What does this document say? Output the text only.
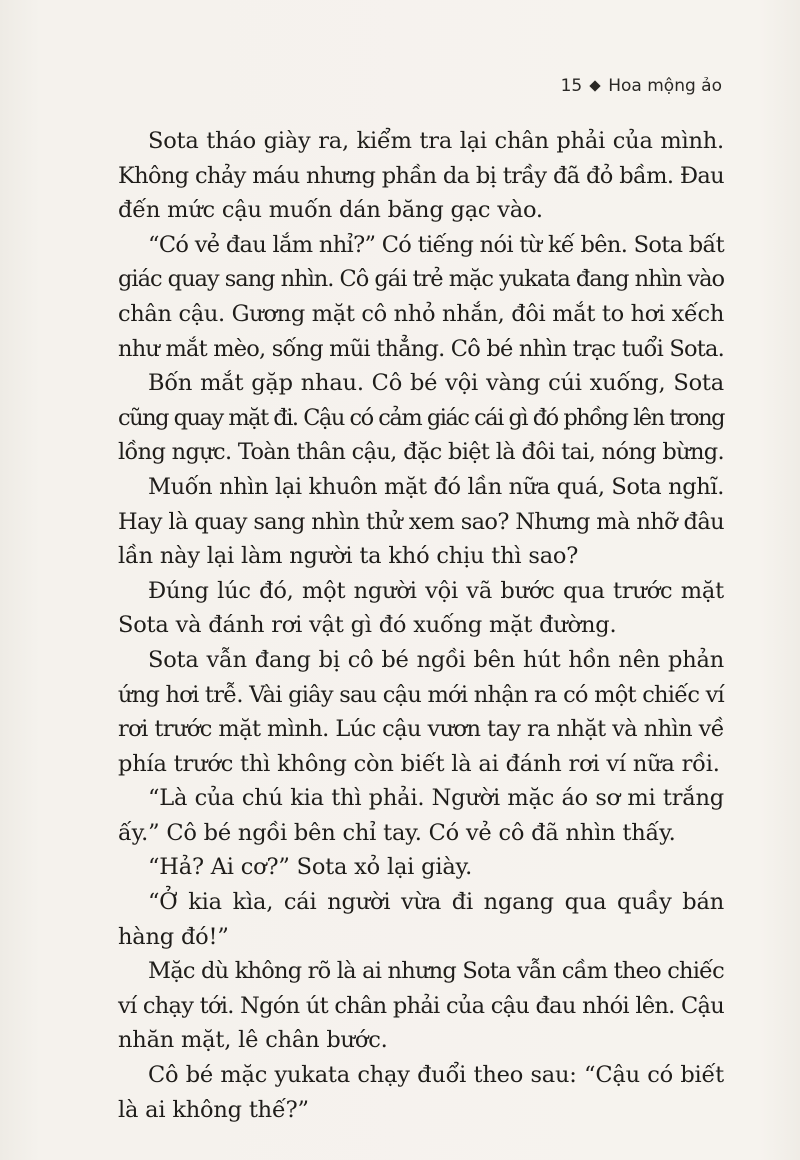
15 Hoa mộng ảo
Sota tháo giày ra, kiểm tra lại chân phải của mình.
Không chảy máu nhưng phần da bị trầy đã đỏ bầm. Đau
đến mức cậu muốn dán băng gạc vào.
“Có vẻ đau lắm nhỉ?” Có tiếng nói từ kế bên. Sota bất
giác quay sang nhìn. Cô gái trẻ mặc yukata đang nhìn vào
chân cậu. Gương mặt cô nhỏ nhắn, đôi mắt to hơi xếch
như mắt mèo, sống mũi thẳng. Cô bé nhìn trạc tuổi Sota.
Bốn mắt gặp nhau. Cô bé vội vàng cúi xuống, Sota
cũng quay mặt đi. Cậu có cảm giác cái gì đó phồng lên trong
lồng ngực. Toàn thân cậu, đặc biệt là đôi tai, nóng bừng.
Muốn nhìn lại khuôn mặt đó lần nữa quá, Sota nghĩ.
Hay là quay sang nhìn thử xem sao? Nhưng mà nhỡ đâu
lần này lại làm người ta khó chịu thì sao?
Đúng lúc đó, một người vội vã bước qua trước mặt
Sota và đánh rơi vật gì đó xuống mặt đường.
Sota vẫn đang bị cô bé ngồi bên hút hồn nên phản
ứng hơi trễ. Vài giây sau cậu mới nhận ra có một chiếc ví
rơi trước mặt mình. Lúc cậu vươn tay ra nhặt và nhìn về
phía trước thì không còn biết là ai đánh rơi ví nữa rồi.
“Là của chú kia thì phải. Người mặc áo sơ mi trắng
ấy.” Cô bé ngồi bên chỉ tay. Có vẻ cô đã nhìn thấy.
“Hả? Ai cơ?” Sota xỏ lại giày.
“Ở kia kìa, cái người vừa đi ngang qua quầy bán
hàng đó!”
Mặc dù không rõ là ai nhưng Sota vẫn cầm theo chiếc
ví chạy tới. Ngón út chân phải của cậu đau nhói lên. Cậu
nhăn mặt, lê chân bước.
Cô bé mặc yukata chạy đuổi theo sau: “Cậu có biết
là ai không thế?”
